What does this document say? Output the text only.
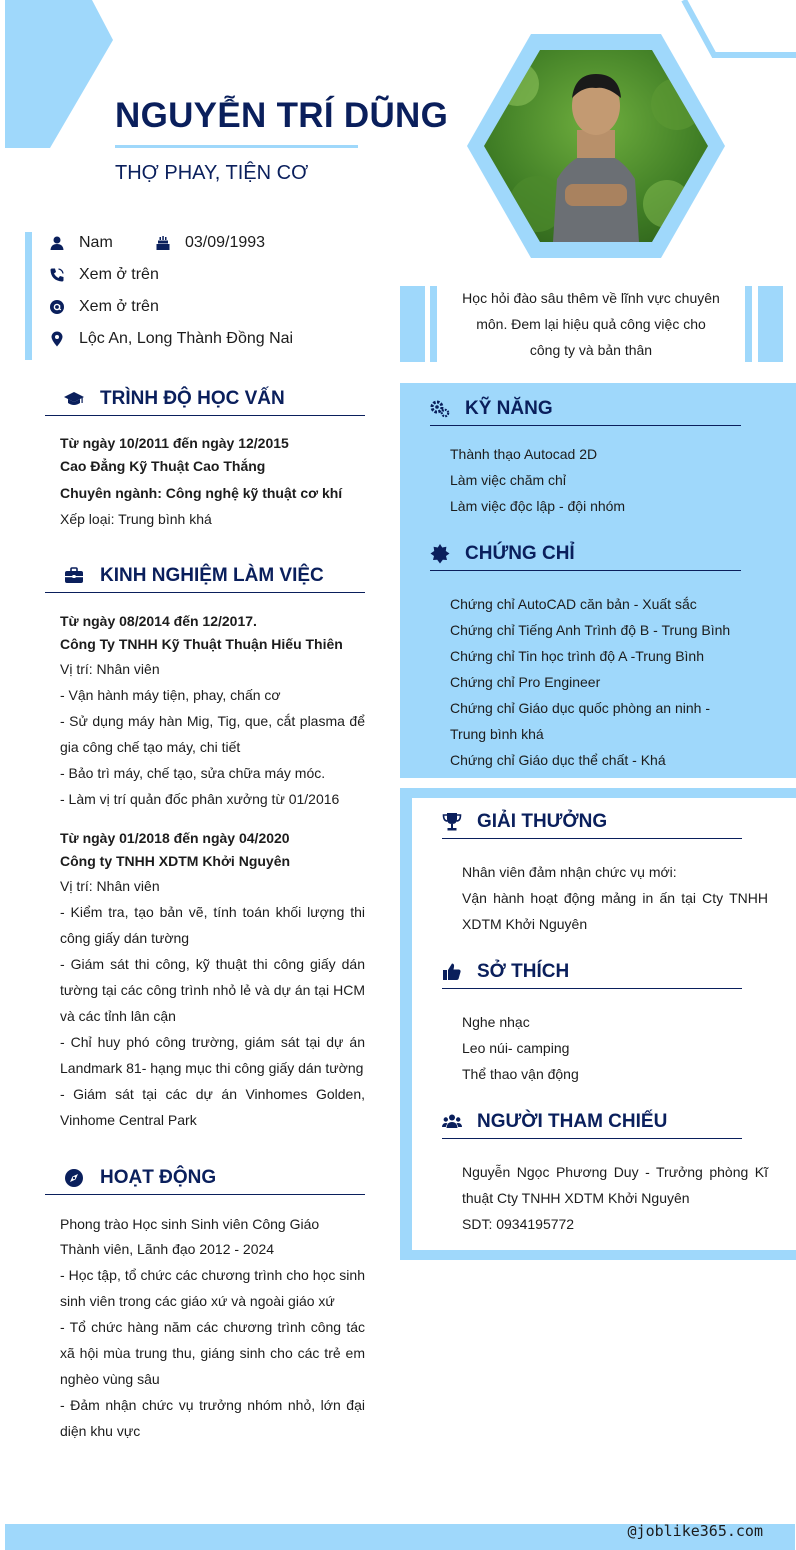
NGUYỄN TRÍ DŨNG
THỢ PHAY, TIỆN CƠ
Nam	03/09/1993
Xem ở trên
Xem ở trên
Lộc An, Long Thành Đồng Nai
Học hỏi đào sâu thêm về lĩnh vực chuyên
môn. Đem lại hiệu quả công việc cho
công ty và bản thân
TRÌNH ĐỘ HỌC VẤN
Từ ngày 10/2011 đến ngày 12/2015
Cao Đẳng Kỹ Thuật Cao Thắng
Chuyên ngành: Công nghệ kỹ thuật cơ khí
Xếp loại: Trung bình khá
KINH NGHIỆM LÀM VIỆC
Từ ngày 08/2014 đến 12/2017.
Công Ty TNHH Kỹ Thuật Thuận Hiếu Thiên
Vị trí: Nhân viên
- Vận hành máy tiện, phay, chấn cơ
- Sử dụng máy hàn Mig, Tig, que, cắt plasma để gia công chế tạo máy, chi tiết
- Bảo trì máy, chế tạo, sửa chữa máy móc.
- Làm vị trí quản đốc phân xưởng từ 01/2016
Từ ngày 01/2018 đến ngày 04/2020
Công ty TNHH XDTM Khởi Nguyên
Vị trí: Nhân viên
- Kiểm tra, tạo bản vẽ, tính toán khối lượng thi công giấy dán tường
- Giám sát thi công, kỹ thuật thi công giấy dán tường tại các công trình nhỏ lẻ và dự án tại HCM và các tỉnh lân cận
- Chỉ huy phó công trường, giám sát tại dự án Landmark 81- hạng mục thi công giấy dán tường
- Giám sát tại các dự án Vinhomes Golden, Vinhome Central Park
HOẠT ĐỘNG
Phong trào Học sinh Sinh viên Công Giáo
Thành viên, Lãnh đạo 2012 - 2024
- Học tập, tổ chức các chương trình cho học sinh sinh viên trong các giáo xứ và ngoài giáo xứ
- Tổ chức hàng năm các chương trình công tác xã hội mùa trung thu, giáng sinh cho các trẻ em nghèo vùng sâu
- Đảm nhận chức vụ trưởng nhóm nhỏ, lớn đại diện khu vực
KỸ NĂNG
Thành thạo Autocad 2D
Làm việc chăm chỉ
Làm việc độc lập - đội nhóm
CHỨNG CHỈ
Chứng chỉ AutoCAD căn bản - Xuất sắc
Chứng chỉ Tiếng Anh Trình độ B - Trung Bình
Chứng chỉ Tin học trình độ A -Trung Bình
Chứng chỉ Pro Engineer
Chứng chỉ Giáo dục quốc phòng an ninh -
Trung bình khá
Chứng chỉ Giáo dục thể chất - Khá
GIẢI THƯỞNG
Nhân viên đảm nhận chức vụ mới:
Vận hành hoạt động mảng in ấn tại Cty TNHH XDTM Khởi Nguyên
SỞ THÍCH
Nghe nhạc
Leo núi- camping
Thể thao vận động
NGƯỜI THAM CHIẾU
Nguyễn Ngọc Phương Duy - Trưởng phòng Kĩ thuật Cty TNHH XDTM Khởi Nguyên
SDT: 0934195772
@joblike365.com
